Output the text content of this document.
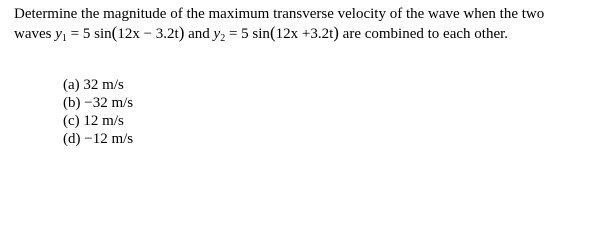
Determine the magnitude of the maximum transverse velocity of the wave when the two
waves $y_1 = 5$ sin(12x − 3.2t) and $y_2 = 5$ sin(12x +3.2t) are combined to each other.
(a) 32 m/s
(b) −32 m/s
(c) 12 m/s
(d) −12 m/s
